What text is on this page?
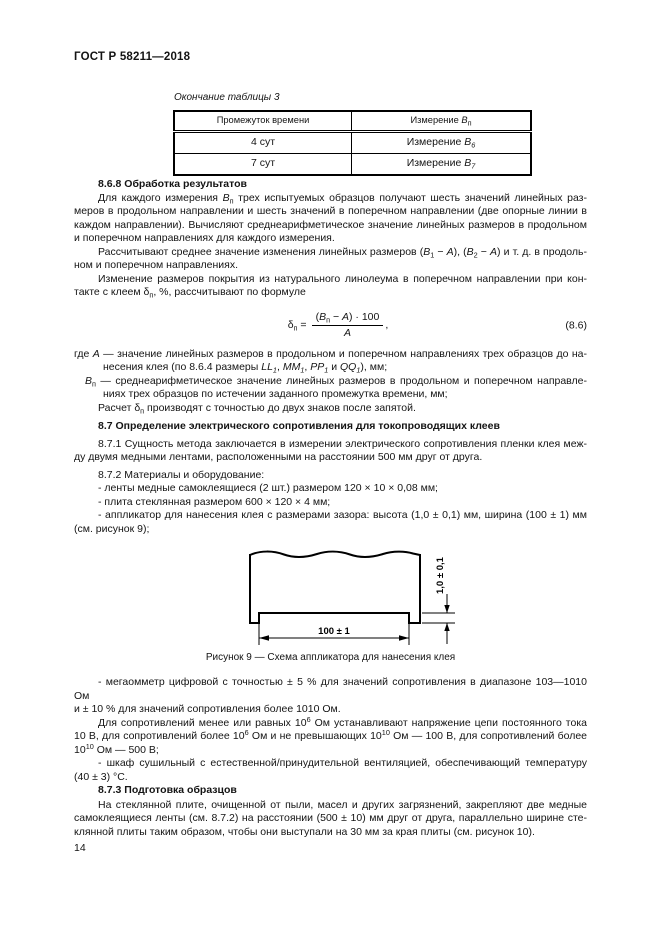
ГОСТ Р 58211—2018
Окончание таблицы 3
Промежуток времени	Измерение $B_п$
4 сут	Измерение $B_6$
7 сут	Измерение $B_7$
8.6.8 Обработка результатов
Для каждого измерения $B_п$ трех испытуемых образцов получают шесть значений линейных раз-
меров в продольном направлении и шесть значений в поперечном направлении (две опорные линии в
каждом направлении). Вычисляют среднеарифметическое значение линейных размеров в продольном
и поперечном направлениях для каждого измерения.
Рассчитывают среднее значение изменения линейных размеров $(B_1 - A)$, $(B_2 - A)$ и т. д. в продоль-
ном и поперечном направлениях.
Изменение размеров покрытия из натурального линолеума в поперечном направлении при кон-
такте с клеем $\delta_п$, %, рассчитывают по формуле
$\delta_п = \frac{(B_п - A) \cdot 100}{A}$ ,	(8.6)
где A — значение линейных размеров в продольном и поперечном направлениях трех образцов до на-
несения клея (по 8.6.4 размеры $LL_1$, $MM_1$, $PP_1$ и $QQ_1$), мм;
$B_п$ — среднеарифметическое значение линейных размеров в продольном и поперечном направле-
ниях трех образцов по истечении заданного промежутка времени, мм;
Расчет $\delta_п$ производят с точностью до двух знаков после запятой.
8.7 Определение электрического сопротивления для токопроводящих клеев
8.7.1 Сущность метода заключается в измерении электрического сопротивления пленки клея меж-
ду двумя медными лентами, расположенными на расстоянии 500 мм друг от друга.
8.7.2 Материалы и оборудование:
- ленты медные самоклеящиеся (2 шт.) размером 120 × 10 × 0,08 мм;
- плита стеклянная размером 600 × 120 × 4 мм;
- аппликатор для нанесения клея с размерами зазора: высота (1,0 ± 0,1) мм, ширина (100 ± 1) мм
(см. рисунок 9);
100 ± 1
1,0 ± 0,1
Рисунок 9 — Схема аппликатора для нанесения клея
- мегаомметр цифровой с точностью ± 5 % для значений сопротивления в диапазоне 103—1010 Ом
и ± 10 % для значений сопротивления более 1010 Ом.
Для сопротивлений менее или равных $10^6$ Ом устанавливают напряжение цепи постоянного тока
10 В, для сопротивлений более $10^6$ Ом и не превышающих $10^{10}$ Ом — 100 В, для сопротивлений более
$10^{10}$ Ом — 500 В;
- шкаф сушильный с естественной/принудительной вентиляцией, обеспечивающий температуру
(40 ± 3) °С.
8.7.3 Подготовка образцов
На стеклянной плите, очищенной от пыли, масел и других загрязнений, закрепляют две медные
самоклеящиеся ленты (см. 8.7.2) на расстоянии (500 ± 10) мм друг от друга, параллельно ширине сте-
клянной плиты таким образом, чтобы они выступали на 30 мм за края плиты (см. рисунок 10).
14
